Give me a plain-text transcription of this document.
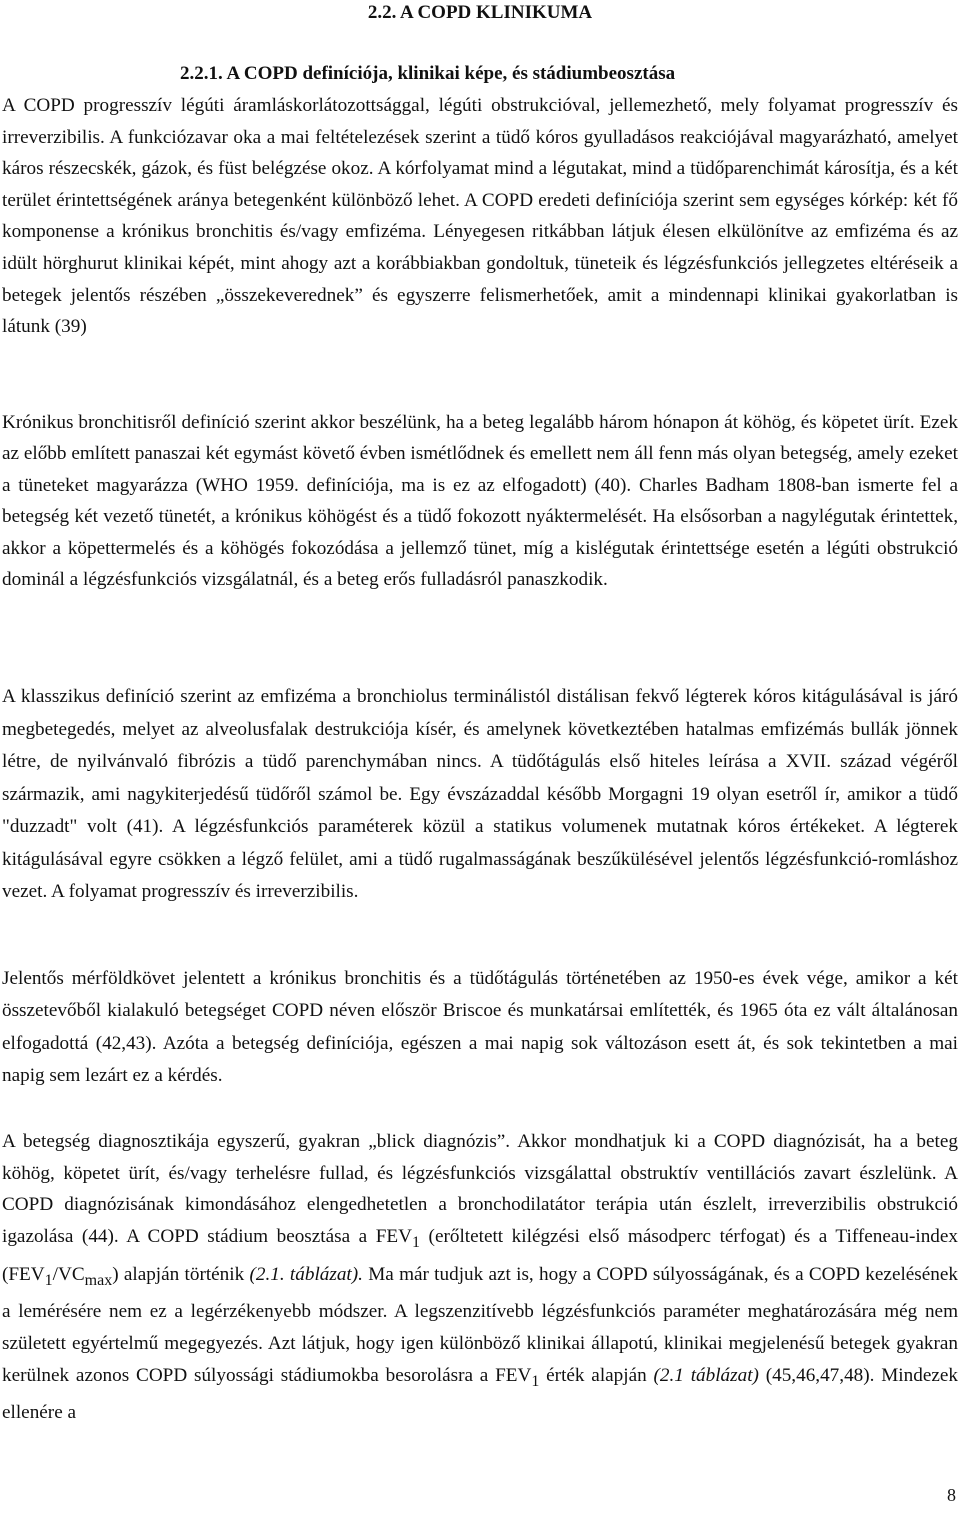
2.2. A COPD KLINIKUMA
2.2.1. A COPD definíciója, klinikai képe, és stádiumbeosztása

A COPD progresszív légúti áramláskorlátozottsággal, légúti obstrukcióval, jellemezhető, mely folyamat progresszív és irreverzibilis. A funkciózavar oka a mai feltételezések szerint a tüdő kóros gyulladásos reakciójával magyarázható, amelyet káros részecskék, gázok, és füst belégzése okoz. A kórfolyamat mind a légutakat, mind a tüdőparenchimát károsítja, és a két terület érintettségének aránya betegenként különböző lehet. A COPD eredeti definíciója szerint sem egységes kórkép: két fő komponense a krónikus bronchitis és/vagy emfizéma. Lényegesen ritkábban látjuk élesen elkülönítve az emfizéma és az idült hörghurut klinikai képét, mint ahogy azt a korábbiakban gondoltuk, tüneteik és légzésfunkciós jellegzetes eltéréseik a betegek jelentős részében „összekeverednek” és egyszerre felismerhetőek, amit a mindennapi klinikai gyakorlatban is látunk (39)

Krónikus bronchitisről definíció szerint akkor beszélünk, ha a beteg legalább három hónapon át köhög, és köpetet ürít. Ezek az előbb említett panaszai két egymást követő évben ismétlődnek és emellett nem áll fenn más olyan betegség, amely ezeket a tüneteket magyarázza (WHO 1959. definíciója, ma is ez az elfogadott) (40). Charles Badham 1808-ban ismerte fel a betegség két vezető tünetét, a krónikus köhögést és a tüdő fokozott nyáktermelését. Ha elsősorban a nagylégutak érintettek, akkor a köpettermelés és a köhögés fokozódása a jellemző tünet, míg a kislégutak érintettsége esetén a légúti obstrukció dominál a légzésfunkciós vizsgálatnál, és a beteg erős fulladásról panaszkodik.

A klasszikus definíció szerint az emfizéma a bronchiolus terminálistól distálisan fekvő légterek kóros kitágulásával is járó megbetegedés, melyet az alveolusfalak destrukciója kísér, és amelynek következtében hatalmas emfizémás bullák jönnek létre, de nyilvánvaló fibrózis a tüdő parenchymában nincs. A tüdőtágulás első hiteles leírása a XVII. század végéről származik, ami nagykiterjedésű tüdőről számol be. Egy évszázaddal később Morgagni 19 olyan esetről ír, amikor a tüdő "duzzadt" volt (41). A légzésfunkciós paraméterek közül a statikus volumenek mutatnak kóros értékeket. A légterek kitágulásával egyre csökken a légző felület, ami a tüdő rugalmasságának beszűkülésével jelentős légzésfunkció-romláshoz vezet. A folyamat progresszív és irreverzibilis.

Jelentős mérföldkövet jelentett a krónikus bronchitis és a tüdőtágulás történetében az 1950-es évek vége, amikor a két összetevőből kialakuló betegséget COPD néven először Briscoe és munkatársai említették, és 1965 óta ez vált általánosan elfogadottá (42,43). Azóta a betegség definíciója, egészen a mai napig sok változáson esett át, és sok tekintetben a mai napig sem lezárt ez a kérdés.

A betegség diagnosztikája egyszerű, gyakran „blick diagnózis”. Akkor mondhatjuk ki a COPD diagnózisát, ha a beteg köhög, köpetet ürít, és/vagy terhelésre fullad, és légzésfunkciós vizsgálattal obstruktív ventillációs zavart észlelünk. A COPD diagnózisának kimondásához elengedhetetlen a bronchodilatátor terápia után észlelt, irreverzibilis obstrukció igazolása (44). A COPD stádium beosztása a $FEV_1$ (erőltetett kilégzési első másodperc térfogat) és a Tiffeneau-index $(FEV_1/VC_{max})$ alapján történik (2.1. táblázat). Ma már tudjuk azt is, hogy a COPD súlyosságának, és a COPD kezelésének a lemérésére nem ez a legérzékenyebb módszer. A legszenzitívebb légzésfunkciós paraméter meghatározására még nem született egyértelmű megegyezés. Azt látjuk, hogy igen különböző klinikai állapotú, klinikai megjelenésű betegek gyakran kerülnek azonos COPD súlyossági stádiumokba besorolásra a $FEV_1$ érték alapján (2.1 táblázat) (45,46,47,48). Mindezek ellenére a

8
